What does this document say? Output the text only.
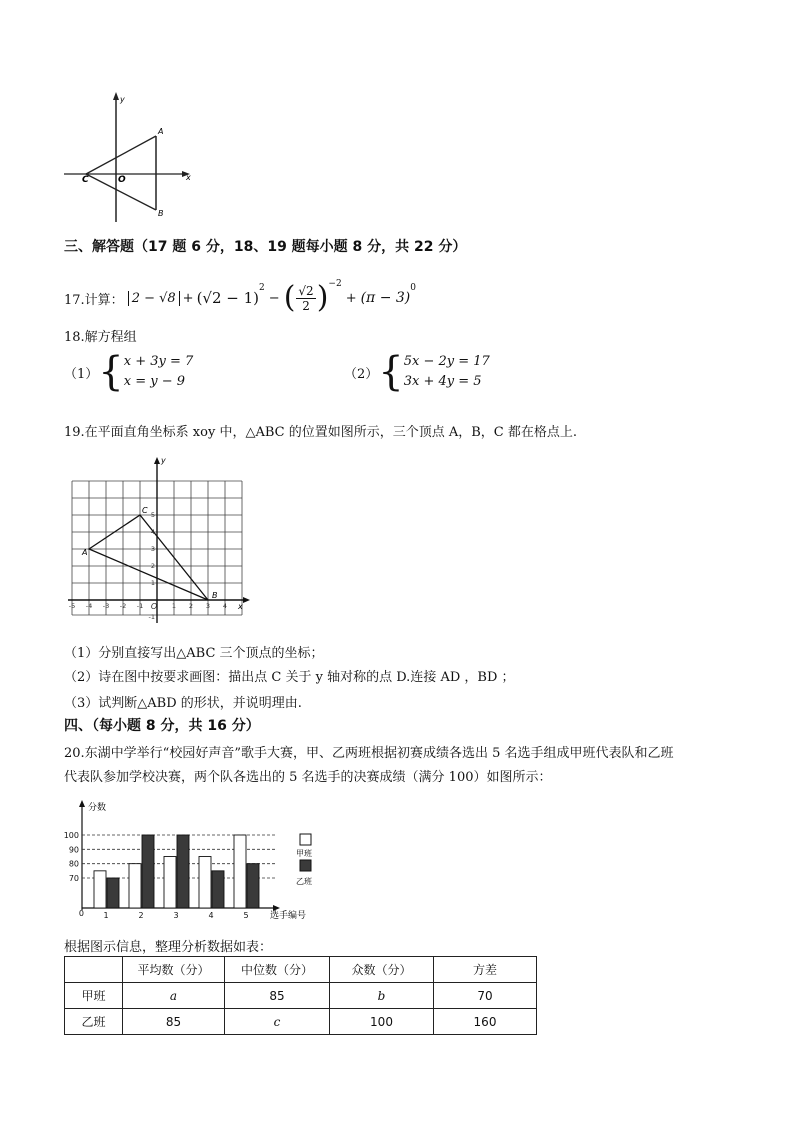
y
x
A
B
C	O
三、解答题（17 题 6 分，18、19 题每小题 8 分，共 22 分）
17.计算： 2 − √8 + (√2 − 1)
$^2$
− ( $\frac{√2}{2} )^{-2}$
+ (π − 3)
$^0$
18.解方程组
（1） { x + 3y = 7
x = y − 9	（2） { 5x − 2y = 17
3x + 4y = 5
19.在平面直角坐标系 xoy 中，△ABC 的位置如图所示，三个顶点 A，B，C 都在格点上.
y
x
A
B
C
-5 -4 -3 -2 -1 O 1 2 3 4
5
4
3
2
1
-1
（1）分别直接写出△ABC 三个顶点的坐标；
（2）诗在图中按要求画图：描出点 C 关于 y 轴对称的点 D.连接 AD ，BD ；
（3）试判断△ABD 的形状，并说明理由.
四、（每小题 8 分，共 16 分）
20.东湖中学举行“校园好声音”歌手大赛，甲、乙两班根据初赛成绩各选出 5 名选手组成甲班代表队和乙班
代表队参加学校决赛，两个队各选出的 5 名选手的决赛成绩（满分 100）如图所示：
分数
选手编号
0
70
80
90
100
1	2	3	4	5
甲班
乙班
根据图示信息，整理分析数据如表：
	平均数（分）	中位数（分）	众数（分）	方差
甲班	a	85	b	70
乙班	85	c	100	160
